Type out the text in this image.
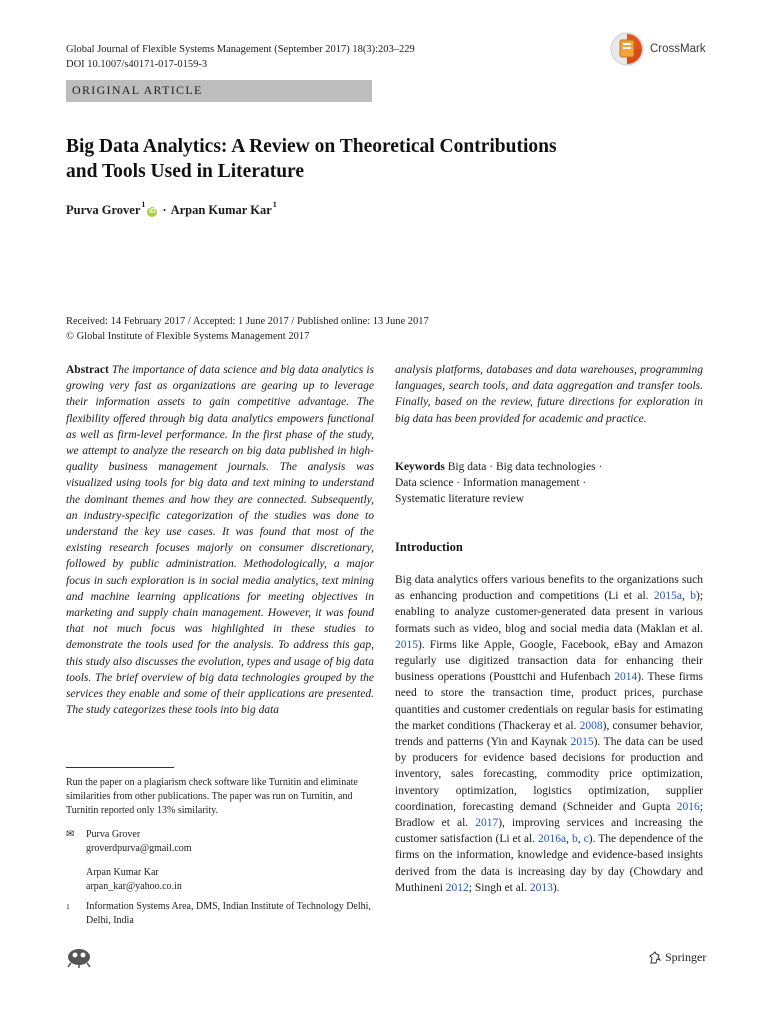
Global Journal of Flexible Systems Management (September 2017) 18(3):203–229
DOI 10.1007/s40171-017-0159-3
CrossMark
ORIGINAL ARTICLE
Big Data Analytics: A Review on Theoretical Contributions
and Tools Used in Literature
Purva Grover$^1$
iD · Arpan Kumar Kar$^1$
Received: 14 February 2017 / Accepted: 1 June 2017 / Published online: 13 June 2017
© Global Institute of Flexible Systems Management 2017
Abstract The importance of data science and big data analytics is growing very fast as organizations are gearing up to leverage their information assets to gain competitive advantage. The flexibility offered through big data analytics empowers functional as well as firm-level performance. In the first phase of the study, we attempt to analyze the research on big data published in high-quality business management journals. The analysis was visualized using tools for big data and text mining to understand the dominant themes and how they are connected. Subsequently, an industry-specific categorization of the studies was done to understand the key use cases. It was found that most of the existing research focuses majorly on consumer discretionary, followed by public administration. Methodologically, a major focus in such exploration is in social media analytics, text mining and machine learning applications for meeting objectives in marketing and supply chain management. However, it was found that not much focus was highlighted in these studies to demonstrate the tools used for the analysis. To address this gap, this study also discusses the evolution, types and usage of big data tools. The brief overview of big data technologies grouped by the services they enable and some of their applications are presented. The study categorizes these tools into big data
analysis platforms, databases and data warehouses, programming languages, search tools, and data aggregation and transfer tools. Finally, based on the review, future directions for exploration in big data has been provided for academic and practice.
Keywords Big data · Big data technologies ·
Data science · Information management ·
Systematic literature review
Introduction

Big data analytics offers various benefits to the organizations such as enhancing production and competitions (Li et al. 2015a, b); enabling to analyze customer-generated data present in various formats such as video, blog and social media data (Maklan et al. 2015). Firms like Apple, Google, Facebook, eBay and Amazon regularly use digitized transaction data for enhancing their business operations (Pousttchi and Hufenbach 2014). These firms need to store the transaction time, product prices, purchase quantities and customer credentials on regular basis for estimating the market conditions (Thackeray et al. 2008), consumer behavior, trends and patterns (Yin and Kaynak 2015). The data can be used by producers for evidence based decisions for production and inventory, sales forecasting, commodity price optimization, inventory optimization, logistics optimization, supplier coordination, forecasting demand (Schneider and Gupta 2016; Bradlow et al. 2017), improving services and increasing the customer satisfaction (Li et al. 2016a, b, c). The dependence of the firms on the information, knowledge and evidence-based insights derived from the data is increasing day by day (Chowdary and Muthineni 2012; Singh et al. 2013).

Run the paper on a plagiarism check software like Turnitin and eliminate similarities from other publications. The paper was run on Turnitin, and Turnitin reported only 13% similarity.
✉	Purva Grover
groverdpurva@gmail.com
Arpan Kumar Kar
arpan_kar@yahoo.co.in
1	Information Systems Area, DMS, Indian Institute of Technology Delhi, Delhi, India
Springer
